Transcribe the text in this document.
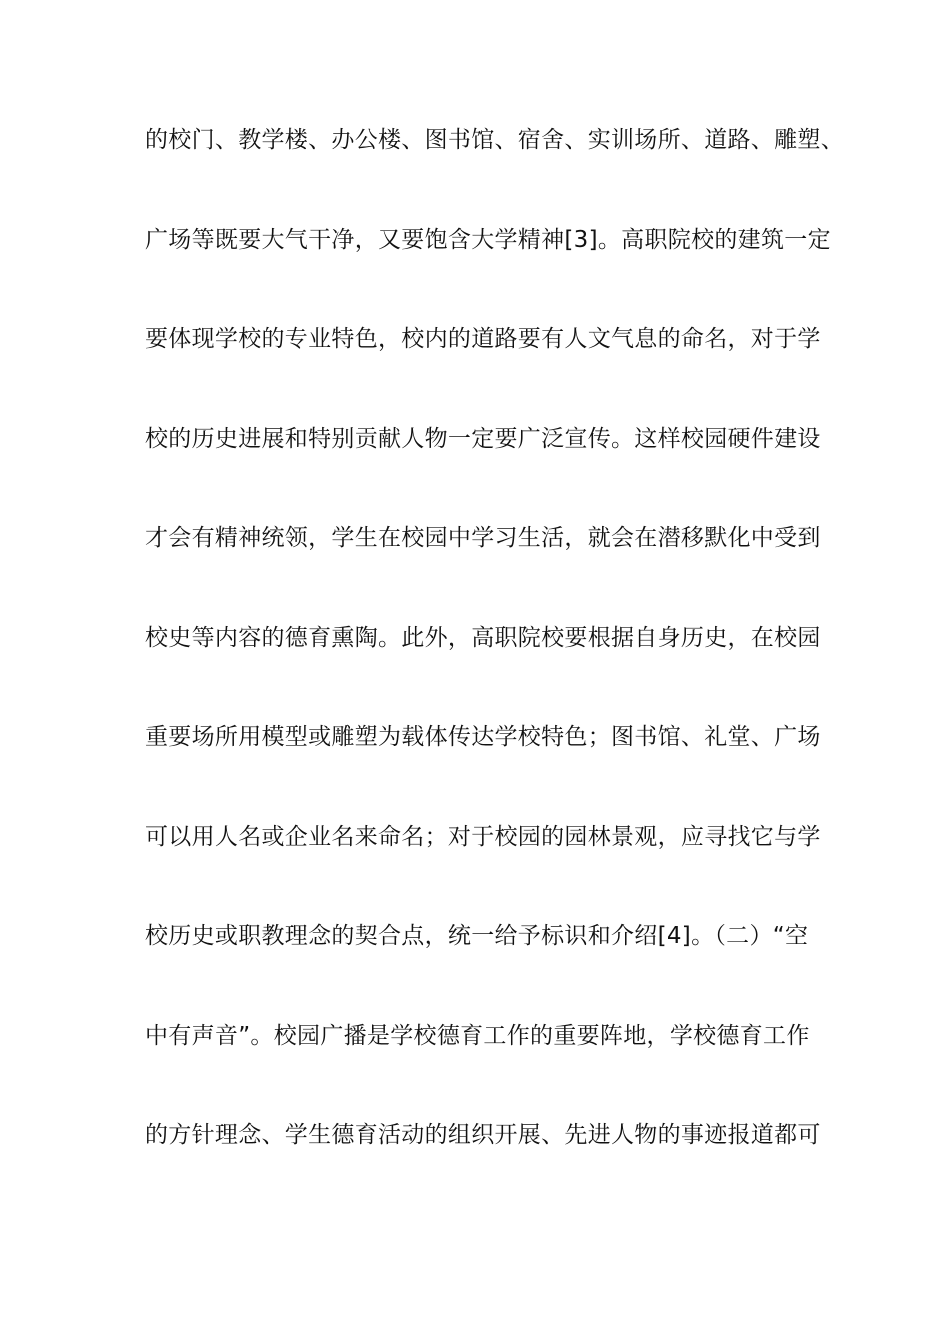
的校门、教学楼、办公楼、图书馆、宿舍、实训场所、道路、雕塑、
广场等既要大气干净，又要饱含大学精神[3]。高职院校的建筑一定
要体现学校的专业特色，校内的道路要有人文气息的命名，对于学
校的历史进展和特别贡献人物一定要广泛宣传。这样校园硬件建设
才会有精神统领，学生在校园中学习生活，就会在潜移默化中受到
校史等内容的德育熏陶。此外，高职院校要根据自身历史，在校园
重要场所用模型或雕塑为载体传达学校特色；图书馆、礼堂、广场
可以用人名或企业名来命名；对于校园的园林景观，应寻找它与学
校历史或职教理念的契合点，统一给予标识和介绍[4]。（二）“空
中有声音”。校园广播是学校德育工作的重要阵地，学校德育工作
的方针理念、学生德育活动的组织开展、先进人物的事迹报道都可
